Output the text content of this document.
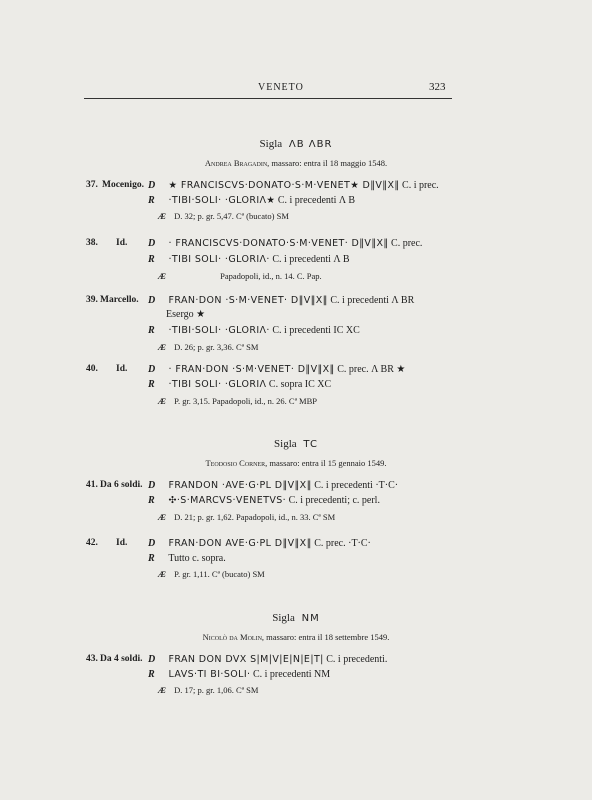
VENETO	323
Sigla ΛB ΛBR
Andrea Bragadin, massaro: entra il 18 maggio 1548.
37. Mocenigo. D ★ FRANCISCVS·DONATO·S·M·VENET★ D‖V‖X‖ C. i prec.
R ·TIBI·SOLI· ·GLORIΛ★ C. i precedenti Λ B
Æ D. 32; p. gr. 5,47. Cª (bucato) SM
38. Id. D · FRANCISCVS·DONATO·S·M·VENET· D‖V‖X‖ C. prec.
R ·TIBI SOLI· ·GLORIΛ· C. i precedenti Λ B
Æ	Papadopoli, id., n. 14. C. Pap.
39. Marcello. D FRAN·DON ·S·M·VENET· D‖V‖X‖ C. i precedenti Λ BR
Esergo ★
R ·TIBI·SOLI· ·GLORIΛ· C. i precedenti IC XC
Æ D. 26; p. gr. 3,36. Cª SM
40. Id. D · FRAN·DON ·S·M·VENET· D‖V‖X‖ C. prec. Λ BR ★
R ·TIBI SOLI· ·GLORIΛ C. sopra IC XC
Æ P. gr. 3,15. Papadopoli, id., n. 26. Cª MBP
Sigla TC
Teodosio Corner, massaro: entra il 15 gennaio 1549.
41. Da 6 soldi. D FRANDON ·AVE·G·PL D‖V‖X‖ C. i precedenti ·T·C·
R ✣·S·MARCVS·VENETVS· C. i precedenti; c. perl.
Æ D. 21; p. gr. 1,62. Papadopoli, id., n. 33. Cª SM
42. Id. D FRAN·DON AVE·G·PL D‖V‖X‖ C. prec. ·T·C·
R Tutto c. sopra.
Æ P. gr. 1,11. Cª (bucato) SM
Sigla NM
Nicolò da Molin, massaro: entra il 18 settembre 1549.
43. Da 4 soldi. D FRAN DON DVX S|M|V|E|N|E|T| C. i precedenti.
R LAVS·TI BI·SOLI· C. i precedenti NM
Æ D. 17; p. gr. 1,06. Cª SM
